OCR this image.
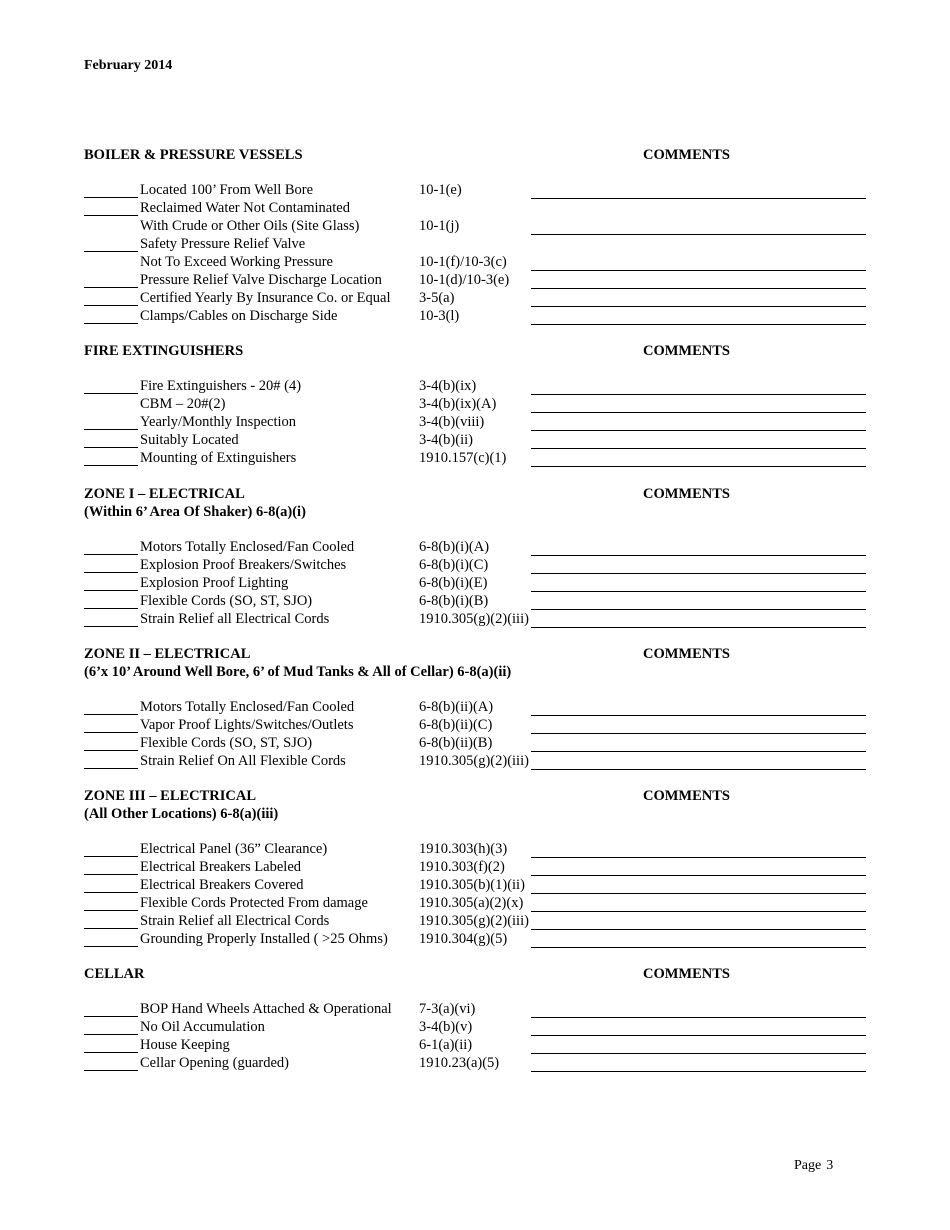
February 2014
BOILER & PRESSURE VESSELS	COMMENTS
Located 100’ From Well Bore	10-1(e)
Reclaimed Water Not Contaminated
With Crude or Other Oils (Site Glass)	10-1(j)
Safety Pressure Relief Valve
Not To Exceed Working Pressure	10-1(f)/10-3(c)
Pressure Relief Valve Discharge Location	10-1(d)/10-3(e)
Certified Yearly By Insurance Co. or Equal 3-5(a)
Clamps/Cables on Discharge Side	10-3(l)
FIRE EXTINGUISHERS	COMMENTS
Fire Extinguishers - 20# (4)	3-4(b)(ix)
CBM – 20#(2)	3-4(b)(ix)(A)
Yearly/Monthly Inspection	3-4(b)(viii)
Suitably Located	3-4(b)(ii)
Mounting of Extinguishers	1910.157(c)(1)
ZONE I – ELECTRICAL	COMMENTS
(Within 6’ Area Of Shaker) 6-8(a)(i)
Motors Totally Enclosed/Fan Cooled	6-8(b)(i)(A)
Explosion Proof Breakers/Switches	6-8(b)(i)(C)
Explosion Proof Lighting	6-8(b)(i)(E)
Flexible Cords (SO, ST, SJO)	6-8(b)(i)(B)
Strain Relief all Electrical Cords	1910.305(g)(2)(iii)
ZONE II – ELECTRICAL	COMMENTS
(6’x 10’ Around Well Bore, 6’ of Mud Tanks & All of Cellar) 6-8(a)(ii)
Motors Totally Enclosed/Fan Cooled	6-8(b)(ii)(A)
Vapor Proof Lights/Switches/Outlets	6-8(b)(ii)(C)
Flexible Cords (SO, ST, SJO)	6-8(b)(ii)(B)
Strain Relief On All Flexible Cords	1910.305(g)(2)(iii)
ZONE III – ELECTRICAL	COMMENTS
(All Other Locations) 6-8(a)(iii)
Electrical Panel (36” Clearance)	1910.303(h)(3)
Electrical Breakers Labeled	1910.303(f)(2)
Electrical Breakers Covered	1910.305(b)(1)(ii)
Flexible Cords Protected From damage	1910.305(a)(2)(x)
Strain Relief all Electrical Cords	1910.305(g)(2)(iii)
Grounding Properly Installed ( >25 Ohms) 1910.304(g)(5)
CELLAR	COMMENTS
BOP Hand Wheels Attached & Operational 7-3(a)(vi)
No Oil Accumulation	3-4(b)(v)
House Keeping	6-1(a)(ii)
Cellar Opening (guarded)	1910.23(a)(5)
Page 3
